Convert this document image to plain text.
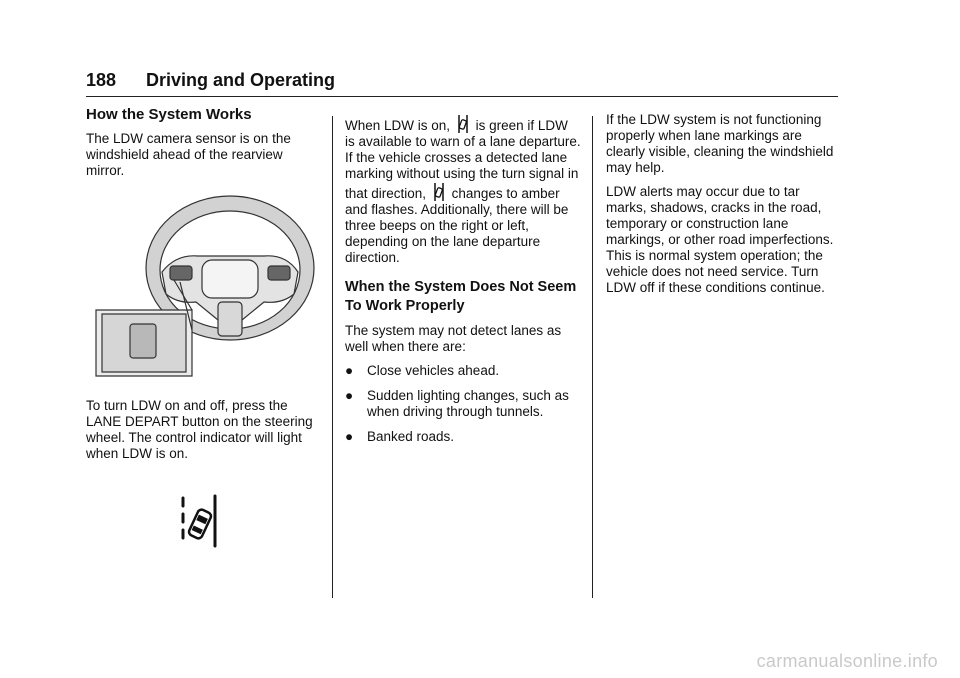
188	Driving and Operating
How the System Works

The LDW camera sensor is on the windshield ahead of the rearview mirror.

To turn LDW on and off, press the LANE DEPART button on the steering wheel. The control indicator will light when LDW is on.

When LDW is on, is green if LDW is available to warn of a lane departure. If the vehicle crosses a detected lane marking without using the turn signal in that direction, changes to amber and flashes. Additionally, there will be three beeps on the right or left, depending on the lane departure direction.

When the System Does Not Seem To Work Properly

The system may not detect lanes as well when there are:

● Close vehicles ahead.
● Sudden lighting changes, such as when driving through tunnels.
● Banked roads.

If the LDW system is not functioning properly when lane markings are clearly visible, cleaning the windshield may help.

LDW alerts may occur due to tar marks, shadows, cracks in the road, temporary or construction lane markings, or other road imperfections. This is normal system operation; the vehicle does not need service. Turn LDW off if these conditions continue.

carmanualsonline.info
